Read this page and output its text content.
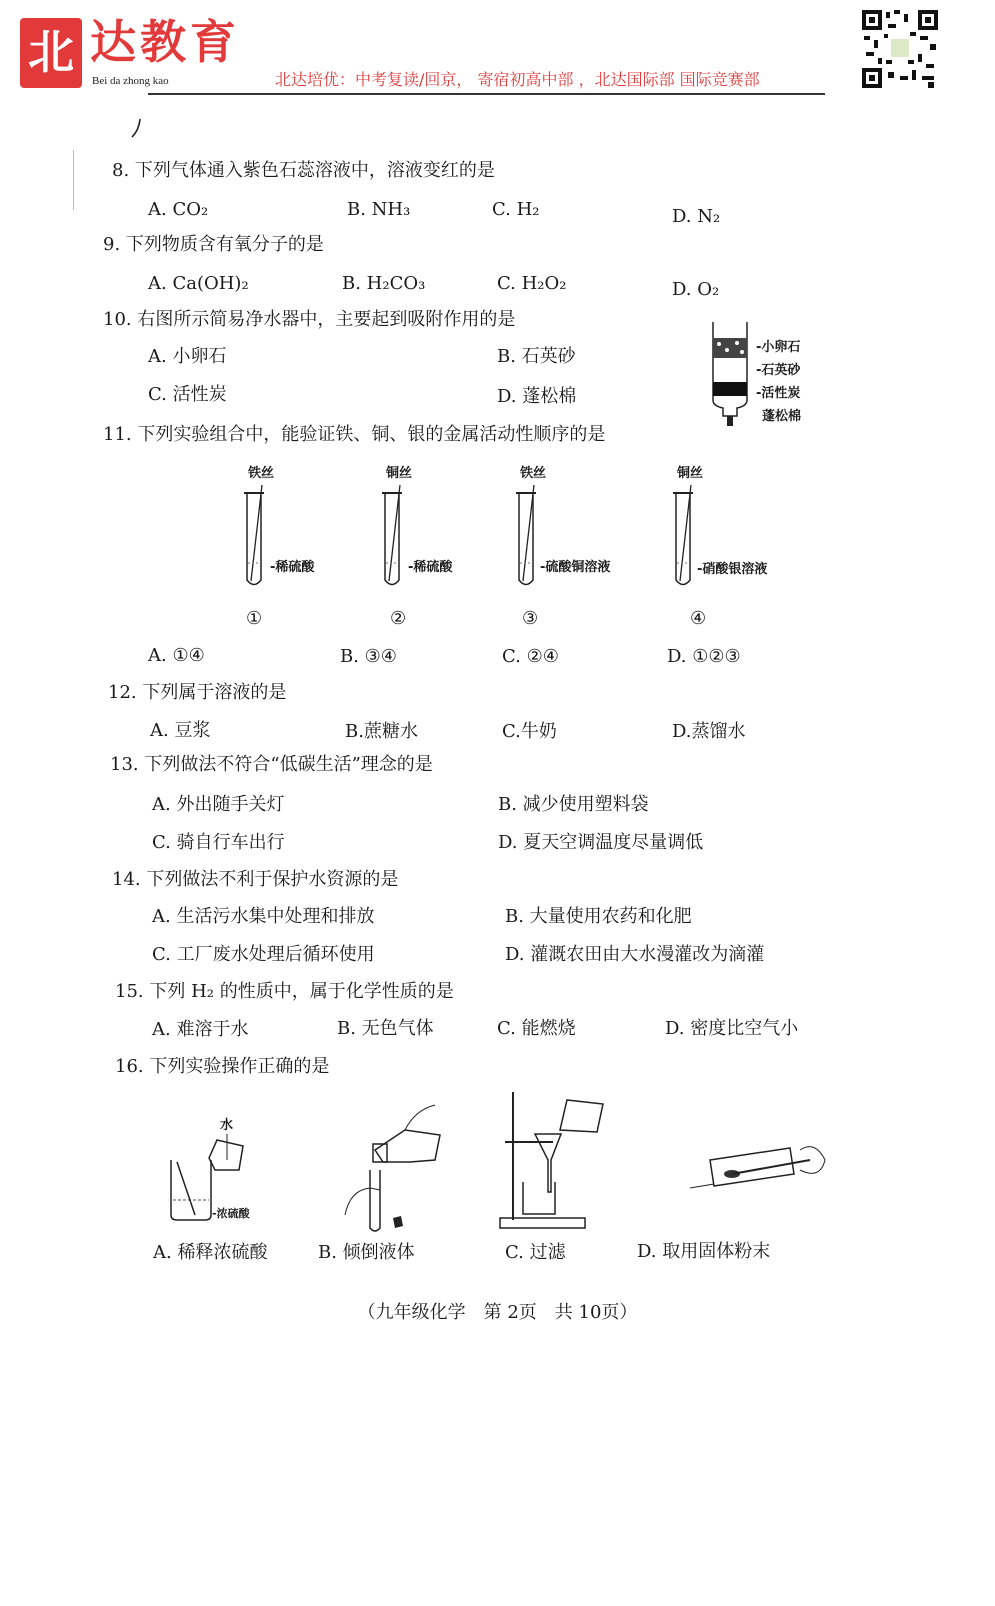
北 达教育
Bei da zhong kao	北达培优：中考复读/回京， 寄宿初高中部 ，北达国际部 国际竞赛部
8. 下列气体通入紫色石蕊溶液中，溶液变红的是
A. CO₂	B. NH₃	C. H₂	D. N₂
9. 下列物质含有氧分子的是
A. Ca(OH)₂	B. H₂CO₃	C. H₂O₂	D. O₂
10. 右图所示简易净水器中，主要起到吸附作用的是
A. 小卵石	B. 石英砂
C. 活性炭	D. 蓬松棉
-小卵石
-石英砂
-活性炭
蓬松棉
11. 下列实验组合中，能验证铁、铜、银的金属活动性顺序的是
铁丝
-稀硫酸
①
铜丝
-稀硫酸
②
铁丝
-硫酸铜溶液
③
铜丝
-硝酸银溶液
④
A. ①④	B. ③④	C. ②④	D. ①②③
12. 下列属于溶液的是
A. 豆浆	B.蔗糖水	C.牛奶	D.蒸馏水
13. 下列做法不符合“低碳生活”理念的是
A. 外出随手关灯	B. 减少使用塑料袋
C. 骑自行车出行	D. 夏天空调温度尽量调低
14. 下列做法不利于保护水资源的是
A. 生活污水集中处理和排放	B. 大量使用农药和化肥
C. 工厂废水处理后循环使用	D. 灌溉农田由大水漫灌改为滴灌
15. 下列 H₂ 的性质中，属于化学性质的是
A. 难溶于水	B. 无色气体	C. 能燃烧	D. 密度比空气小
16. 下列实验操作正确的是
水
-浓硫酸
A. 稀释浓硫酸	B. 倾倒液体	C. 过滤	D. 取用固体粉末
（九年级化学　第 2页　共 10页）
